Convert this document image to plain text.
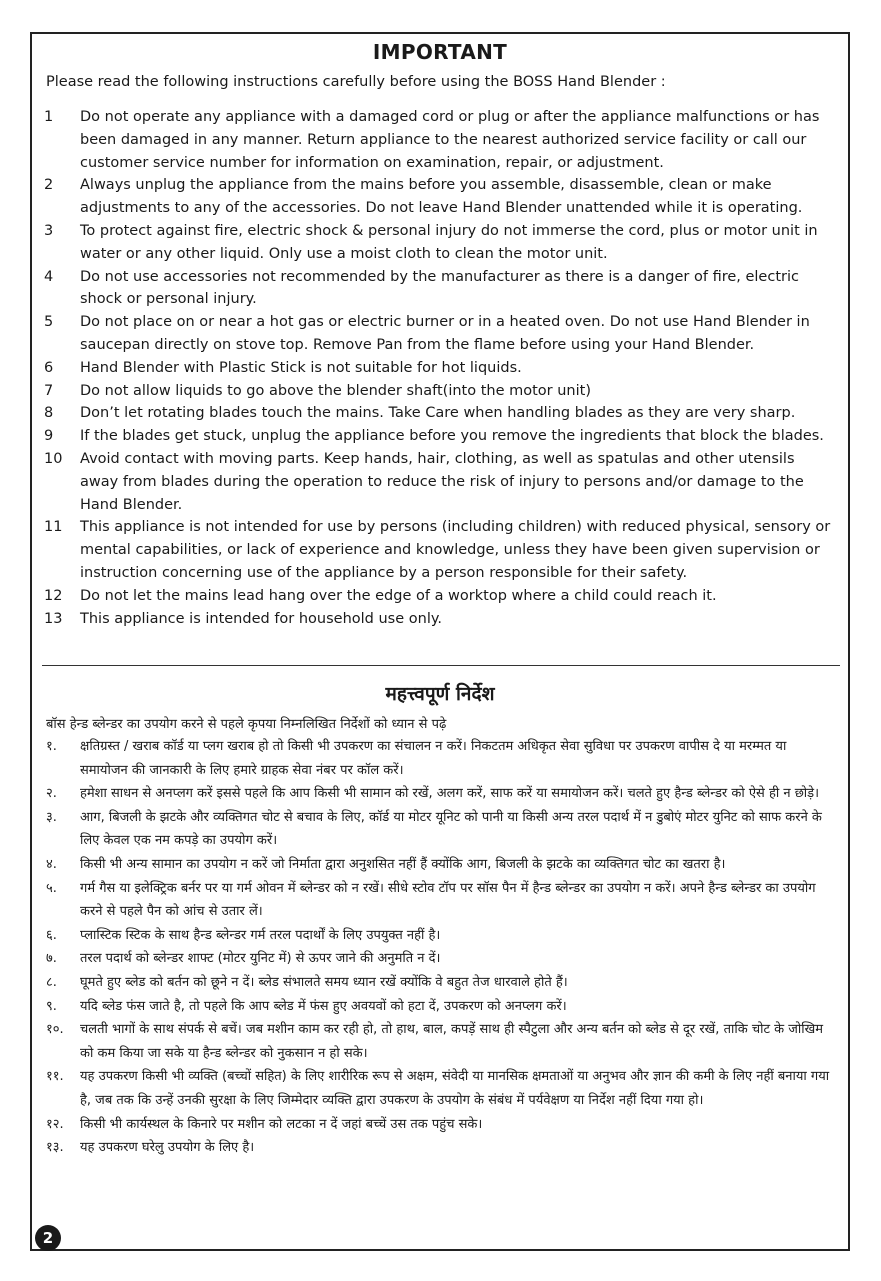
IMPORTANT
Please read the following instructions carefully before using the BOSS Hand Blender :
1	Do not operate any appliance with a damaged cord or plug or after the appliance malfunctions or has been damaged in any manner. Return appliance to the nearest authorized service facility or call our customer service number for information on examination, repair, or adjustment.
2	Always unplug the appliance from the mains before you assemble, disassemble, clean or make adjustments to any of the accessories. Do not leave Hand Blender unattended while it is operating.
3	To protect against fire, electric shock & personal injury do not immerse the cord, plus or motor unit in water or any other liquid. Only use a moist cloth to clean the motor unit.
4	Do not use accessories not recommended by the manufacturer as there is a danger of fire, electric shock or personal injury.
5	Do not place on or near a hot gas or electric burner or in a heated oven. Do not use Hand Blender in saucepan directly on stove top. Remove Pan from the flame before using your Hand Blender.
6	Hand Blender with Plastic Stick is not suitable for hot liquids.
7	Do not allow liquids to go above the blender shaft(into the motor unit)
8	Don’t let rotating blades touch the mains. Take Care when handling blades as they are very sharp.
9	If the blades get stuck, unplug the appliance before you remove the ingredients that block the blades.
10	Avoid contact with moving parts. Keep hands, hair, clothing, as well as spatulas and other utensils away from blades during the operation to reduce the risk of injury to persons and/or damage to the Hand Blender.
11	This appliance is not intended for use by persons (including children) with reduced physical, sensory or mental capabilities, or lack of experience and knowledge, unless they have been given supervision or instruction concerning use of the appliance by a person responsible for their safety.
12	Do not let the mains lead hang over the edge of a worktop where a child could reach it.
13	This appliance is intended for household use only.
महत्त्वपूर्ण निर्देश
बॉस हेन्ड ब्लेन्डर का उपयोग करने से पहले कृपया निम्नलिखित निर्देशों को ध्यान से पढ़े
१.	क्षतिग्रस्त / खराब कॉर्ड या प्लग खराब हो तो किसी भी उपकरण का संचालन न करें। निकटतम अधिकृत सेवा सुविधा पर उपकरण वापीस दे या मरम्मत या समायोजन की जानकारी के लिए हमारे ग्राहक सेवा नंबर पर कॉल करें।
२.	हमेशा साधन से अनप्लग करें इससे पहले कि आप किसी भी सामान को रखें, अलग करें, साफ करें या समायोजन करें। चलते हुए हैन्ड ब्लेन्डर को ऐसे ही न छोड़े।
३.	आग, बिजली के झटके और व्यक्तिगत चोट से बचाव के लिए, कॉर्ड या मोटर यूनिट को पानी या किसी अन्य तरल पदार्थ में न डुबोएं मोटर युनिट को साफ करने के लिए केवल एक नम कपड़े का उपयोग करें।
४.	किसी भी अन्य सामान का उपयोग न करें जो निर्माता द्वारा अनुशसित नहीं हैं क्योंकि आग, बिजली के झटके का व्यक्तिगत चोट का खतरा है।
५.	गर्म गैस या इलेक्ट्रिक बर्नर पर या गर्म ओवन में ब्लेन्डर को न रखें। सीधे स्टोव टॉप पर सॉस पैन में हैन्ड ब्लेन्डर का उपयोग न करें। अपने हैन्ड ब्लेन्डर का उपयोग करने से पहले पैन को आंच से उतार लें।
६.	प्लास्टिक स्टिक के साथ हैन्ड ब्लेन्डर गर्म तरल पदार्थों के लिए उपयुक्त नहीं है।
७.	तरल पदार्थ को ब्लेन्डर शाफ्ट (मोटर युनिट में) से ऊपर जाने की अनुमति न दें।
८.	घूमते हुए ब्लेड को बर्तन को छूने न दें। ब्लेड संभालते समय ध्यान रखें क्योंकि वे बहुत तेज धारवाले होते हैं।
९.	यदि ब्लेड फंस जाते है, तो पहले कि आप ब्लेड में फंस हुए अवयवों को हटा दें, उपकरण को अनप्लग करें।
१०.	चलती भागों के साथ संपर्क से बचें। जब मशीन काम कर रही हो, तो हाथ, बाल, कपड़ें साथ ही स्पैटुला और अन्य बर्तन को ब्लेड से दूर रखें, ताकि चोट के जोखिम को कम किया जा सके या हैन्ड ब्लेन्डर को नुकसान न हो सके।
११.	यह उपकरण किसी भी व्यक्ति (बच्चों सहित) के लिए शारीरिक रूप से अक्षम, संवेदी या मानसिक क्षमताओं या अनुभव और ज्ञान की कमी के लिए नहीं बनाया गया है, जब तक कि उन्हें उनकी सुरक्षा के लिए जिम्मेदार व्यक्ति द्वारा उपकरण के उपयोग के संबंध में पर्यवेक्षण या निर्देश नहीं दिया गया हो।
१२.	किसी भी कार्यस्थल के किनारे पर मशीन को लटका न दें जहां बच्चें उस तक पहुंच सके।
१३.	यह उपकरण घरेलु उपयोग के लिए है।
2
